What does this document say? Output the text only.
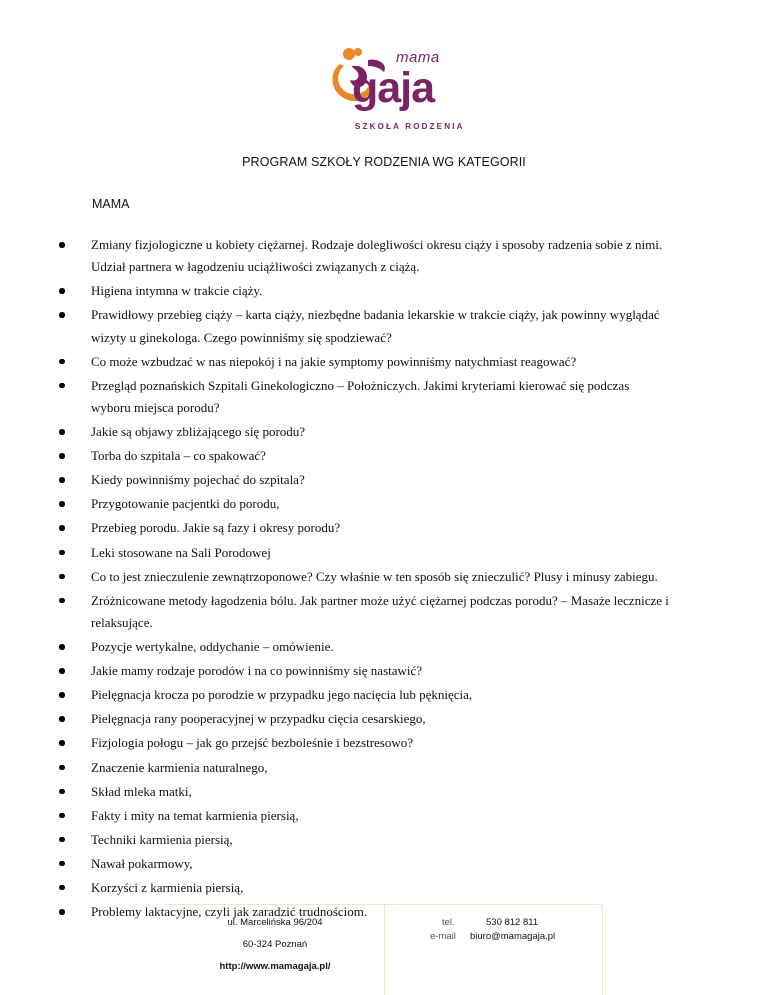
mama
gaja
SZKOŁA RODZENIA
PROGRAM SZKOŁY RODZENIA WG KATEGORII
MAMA
Zmiany fizjologiczne u kobiety ciężarnej. Rodzaje dolegliwości okresu ciąży i sposoby radzenia sobie z nimi. Udział partnera w łagodzeniu uciążliwości związanych z ciążą.
Higiena intymna w trakcie ciąży.
Prawidłowy przebieg ciąży – karta ciąży, niezbędne badania lekarskie w trakcie ciąży, jak powinny wyglądać wizyty u ginekologa. Czego powinniśmy się spodziewać?
Co może wzbudzać w nas niepokój i na jakie symptomy powinniśmy natychmiast reagować?
Przegląd poznańskich Szpitali Ginekologiczno – Położniczych. Jakimi kryteriami kierować się podczas wyboru miejsca porodu?
Jakie są objawy zbliżającego się porodu?
Torba do szpitala – co spakować?
Kiedy powinniśmy pojechać do szpitala?
Przygotowanie pacjentki do porodu,
Przebieg porodu. Jakie są fazy i okresy porodu?
Leki stosowane na Sali Porodowej
Co to jest znieczulenie zewnątrzoponowe? Czy właśnie w ten sposób się znieczulić? Plusy i minusy zabiegu.
Zróżnicowane metody łagodzenia bólu. Jak partner może użyć ciężarnej podczas porodu? – Masaże lecznicze i relaksujące.
Pozycje wertykalne, oddychanie – omówienie.
Jakie mamy rodzaje porodów i na co powinniśmy się nastawić?
Pielęgnacja krocza po porodzie w przypadku jego nacięcia lub pęknięcia,
Pielęgnacja rany pooperacyjnej w przypadku cięcia cesarskiego,
Fizjologia połogu – jak go przejść bezboleśnie i bezstresowo?
Znaczenie karmienia naturalnego,
Skład mleka matki,
Fakty i mity na temat karmienia piersią,
Techniki karmienia piersią,
Nawał pokarmowy,
Korzyści z karmienia piersią,
Problemy laktacyjne, czyli jak zaradzić trudnościom.
ul. Marcelińska 96/204
60-324 Poznań
http://www.mamagaja.pl/
tel.	530 812 811
e-mail biuro@mamagaja.pl
